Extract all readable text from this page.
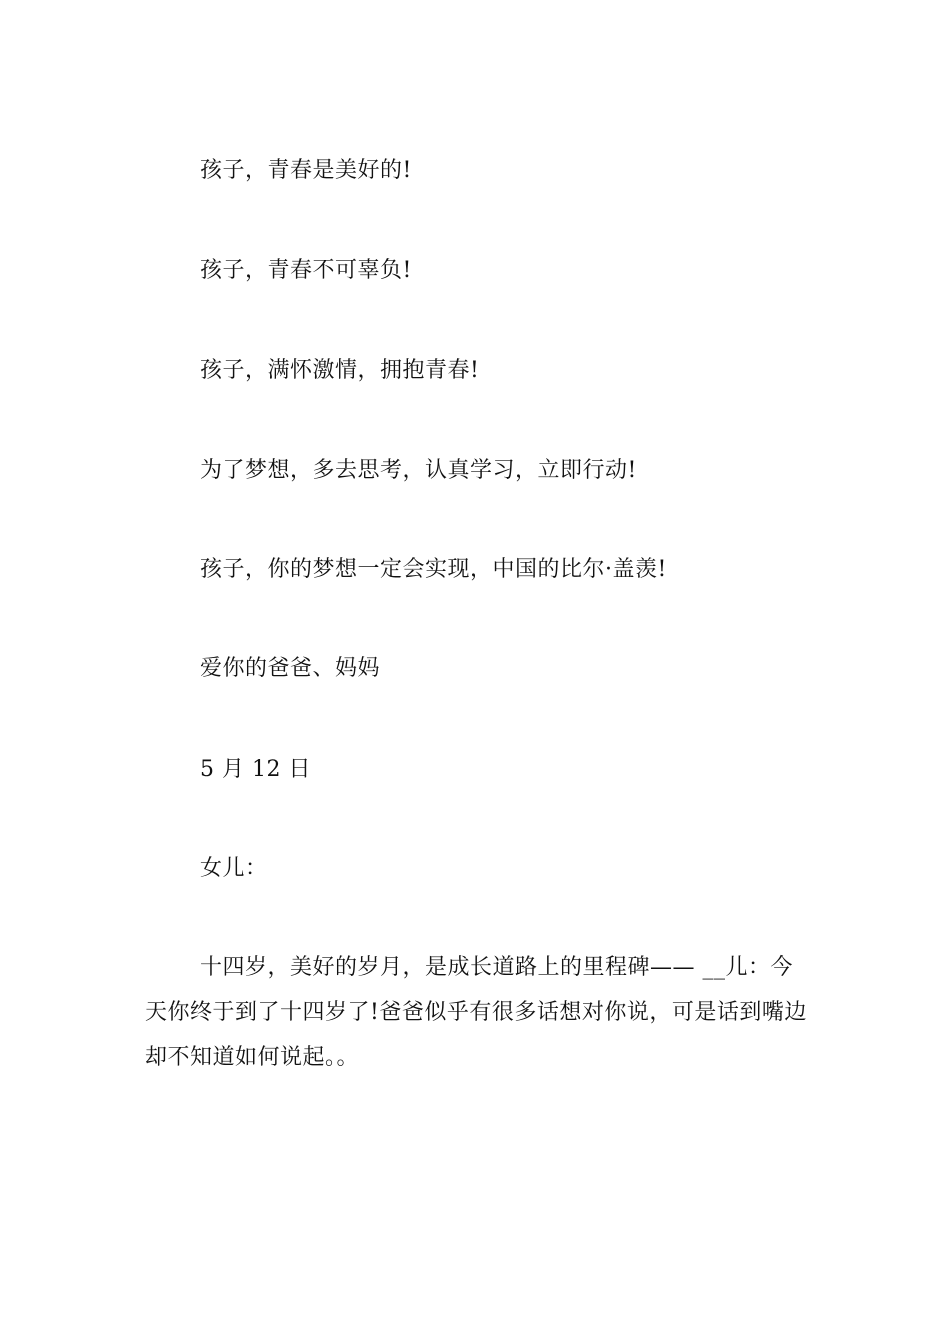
孩子，青春是美好的!
孩子，青春不可辜负!
孩子，满怀激情，拥抱青春!
为了梦想，多去思考，认真学习，立即行动!
孩子，你的梦想一定会实现，中国的比尔·盖羡!
爱你的爸爸、妈妈
5 月 12 日
女儿：
十四岁，美好的岁月，是成长道路上的里程碑—— __儿：今天你终于到了十四岁了!爸爸似乎有很多话想对你说，可是话到嘴边却不知道如何说起。。
